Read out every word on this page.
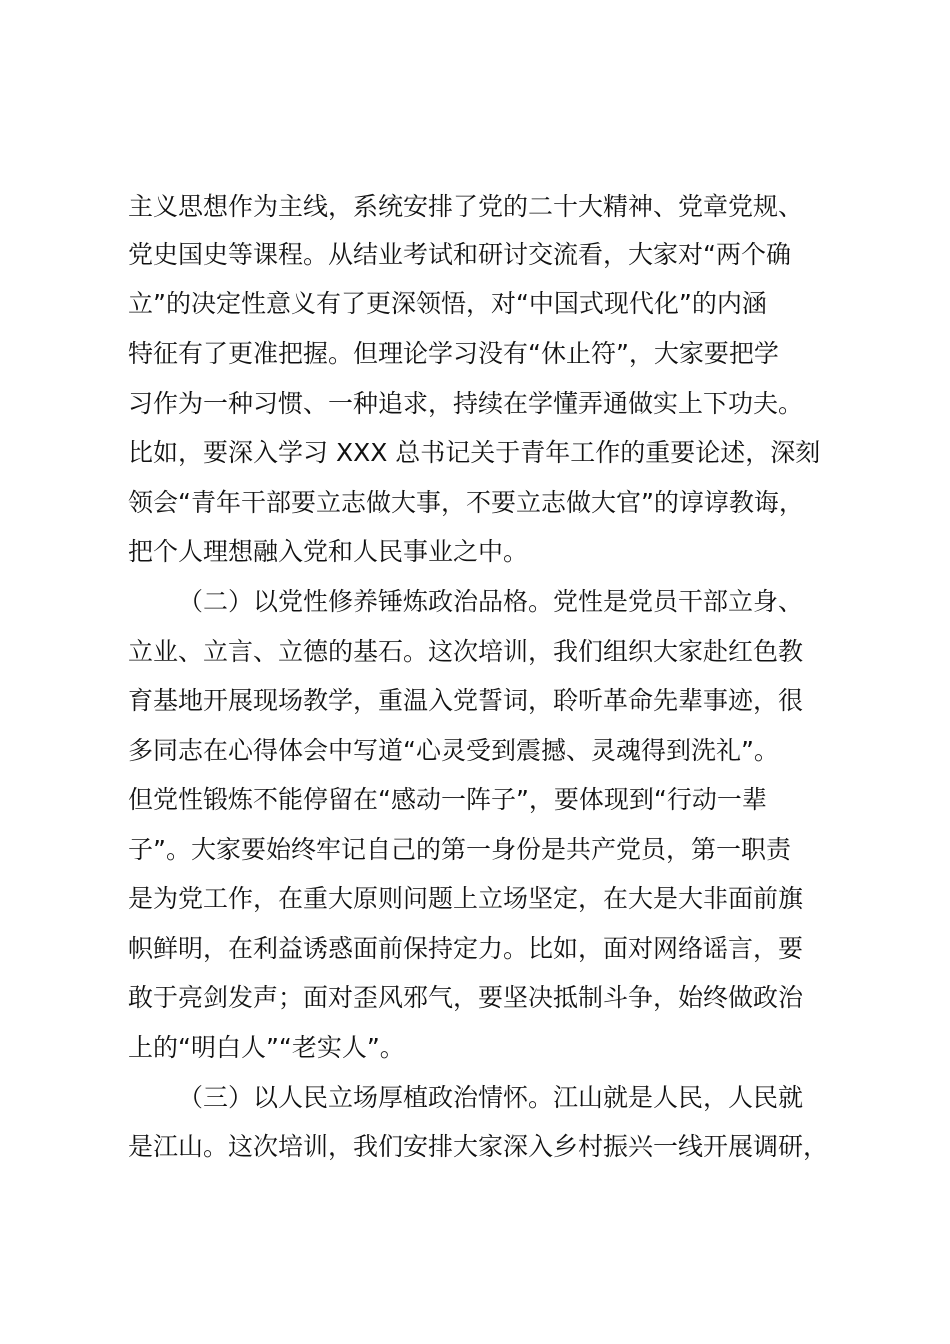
主义思想作为主线，系统安排了党的二十大精神、党章党规、
党史国史等课程。从结业考试和研讨交流看，大家对“两个确
立”的决定性意义有了更深领悟，对“中国式现代化”的内涵
特征有了更准把握。但理论学习没有“休止符”，大家要把学
习作为一种习惯、一种追求，持续在学懂弄通做实上下功夫。
比如，要深入学习 XXX 总书记关于青年工作的重要论述，深刻
领会“青年干部要立志做大事，不要立志做大官”的谆谆教诲，
把个人理想融入党和人民事业之中。
（二）以党性修养锤炼政治品格。党性是党员干部立身、
立业、立言、立德的基石。这次培训，我们组织大家赴红色教
育基地开展现场教学，重温入党誓词，聆听革命先辈事迹，很
多同志在心得体会中写道“心灵受到震撼、灵魂得到洗礼”。
但党性锻炼不能停留在“感动一阵子”，要体现到“行动一辈
子”。大家要始终牢记自己的第一身份是共产党员，第一职责
是为党工作，在重大原则问题上立场坚定，在大是大非面前旗
帜鲜明，在利益诱惑面前保持定力。比如，面对网络谣言，要
敢于亮剑发声；面对歪风邪气，要坚决抵制斗争，始终做政治
上的“明白人”“老实人”。
（三）以人民立场厚植政治情怀。江山就是人民，人民就
是江山。这次培训，我们安排大家深入乡村振兴一线开展调研，
